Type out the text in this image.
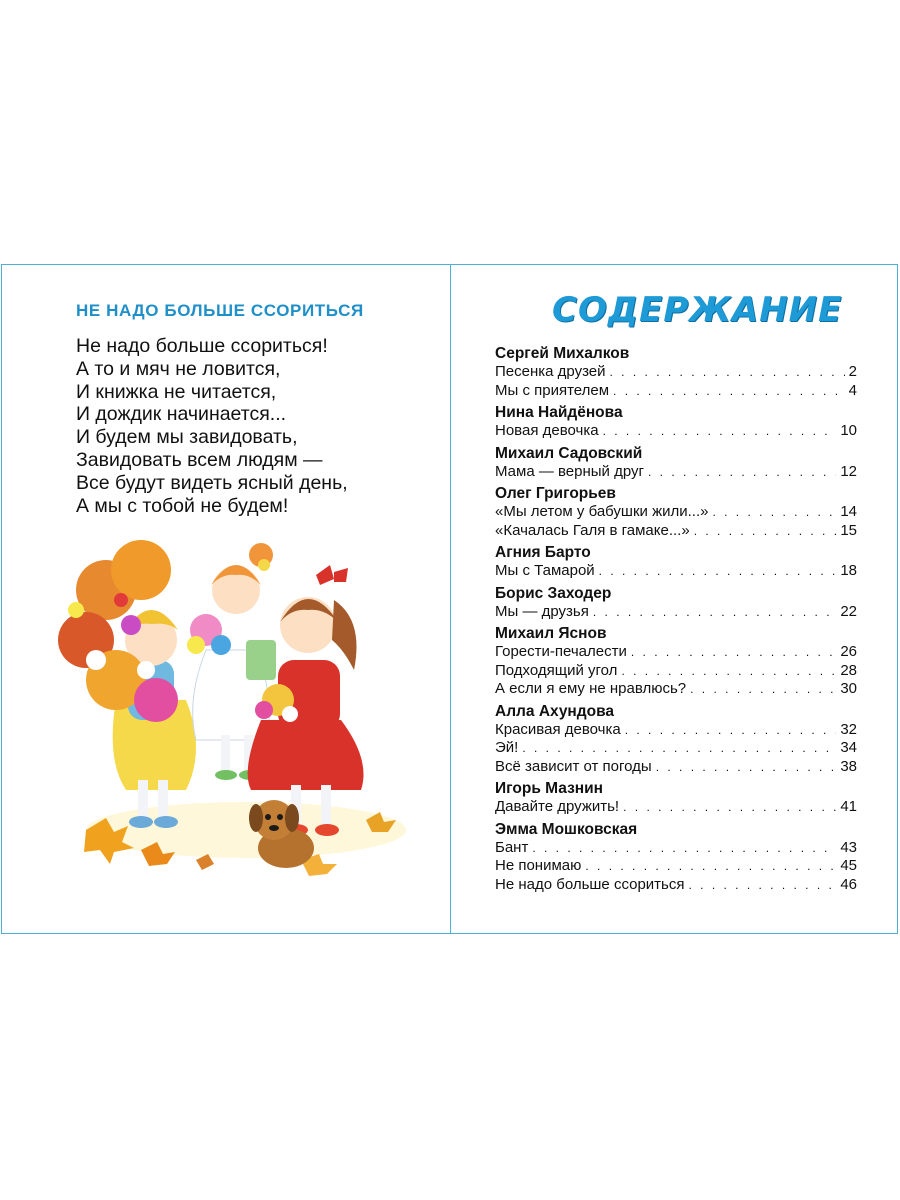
НЕ НАДО БОЛЬШЕ ССОРИТЬСЯ
Не надо больше ссориться!
А то и мяч не ловится,
И книжка не читается,
И дождик начинается...
И будем мы завидовать,
Завидовать всем людям —
Все будут видеть ясный день,
А мы с тобой не будем!
СОДЕРЖАНИЕ
Сергей Михалков
Песенка друзей . . .	2
Мы с приятелем . . .	4
Нина Найдёнова
Новая девочка . . .	10
Михаил Садовский
Мама — верный друг . . .	12
Олег Григорьев
«Мы летом у бабушки жили...» . . .	14
«Качалась Галя в гамаке...» . . .	15
Агния Барто
Мы с Тамарой . . .	18
Борис Заходер
Мы — друзья . . .	22
Михаил Яснов
Горести-печалести . . .	26
Подходящий угол . . .	28
А если я ему не нравлюсь? . . .	30
Алла Ахундова
Красивая девочка . . .	32
Эй! . . .	34
Всё зависит от погоды . . .	38
Игорь Мазнин
Давайте дружить! . . .	41
Эмма Мошковская
Бант . . .	43
Не понимаю . . .	45
Не надо больше ссориться . . .	46
